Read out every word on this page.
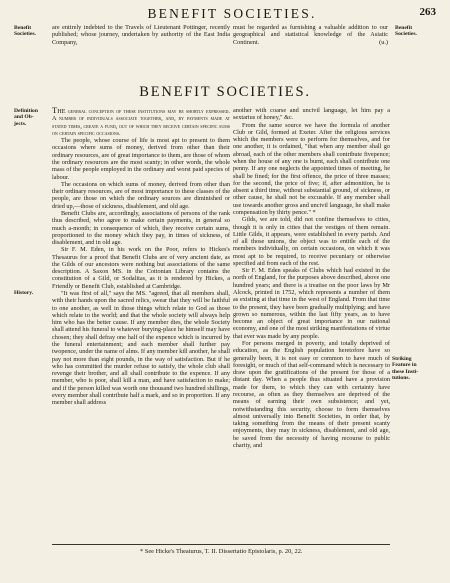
BENEFIT SOCIETIES.	263
Benefit
Societies.
Benefit
Societies.

are entirely indebted to the Travels of Lieutenant Pottinger, recently published; whose journey, undertaken by authority of the East India Company,

must be regarded as furnishing a valuable addition to our geographical and statistical knowledge of the Asiatic Continent.	(u.)

BENEFIT SOCIETIES.
Definition
and Ob-
jects.
History.
Striking
Feature in
these Insti-
tutions.

THE general conception of these institutions may be shortly expressed. A number of individuals associate together, and, by payments made at stated times, create a fund, out of which they receive certain specific sums on certain specific occasions.

The people, whose course of life is most apt to present to them occasions where sums of money, derived from other than their ordinary resources, are of great importance to them, are those of whom the ordinary resources are the most scanty; in other words, the whole mass of the people employed in the ordinary and worst paid species of labour.

The occasions on which sums of money, derived from other than their ordinary resources, are of most importance to these classes of the people, are those on which the ordinary sources are diminished or dried up,—those of sickness, disablement, and old age.

Benefit Clubs are, accordingly, associations of persons of the rank thus described, who agree to make certain payments, in general so much a-month; in consequence of which, they receive certain sums, proportioned to the money which they pay, in times of sickness, of disablement, and in old age.

Sir F. M. Eden, in his work on the Poor, refers to Hickes's Thesaurus for a proof that Benefit Clubs are of very ancient date, as the Gilds of our ancestors were nothing but associations of the same description. A Saxon MS. in the Cottonian Library contains the constitution of a Gild, or Sodalitas, as it is rendered by Hickes, a Friendly or Benefit Club, established at Cambridge.

"It was first of all," says the MS. "agreed, that all members shall, with their hands upon the sacred relics, swear that they will be faithful to one another, as well in those things which relate to God as those which relate to the world; and that the whole society will always help him who has the better cause. If any member dies, the whole Society shall attend his funeral to whatever burying-place he himself may have chosen; they shall defray one half of the expence which is incurred by the funeral entertainment; and each member shall further pay twopence, under the name of alms. If any member kill another, he shall pay not more than eight pounds, in the way of satisfaction. But if he who has committed the murder refuse to satisfy, the whole club shall revenge their brother, and all shall contribute to the expence. If any member, who is poor, shall kill a man, and have satisfaction to make; and if the person killed was worth one thousand two hundred shillings, every member shall contribute half a mark, and so in proportion. If any member shall address

another with coarse and uncivil language, let him pay a sextarius of honey," &c.

From the same source we have the formula of another Club or Gild, formed at Exeter. After the religious services which the members were to perform for themselves, and for one another, it is ordained, "that when any member shall go abroad, each of the other members shall contribute fivepence; when the house of any one is burnt, each shall contribute one penny. If any one neglects the appointed times of meeting, he shall be fined; for the first offence, the price of three masses; for the second, the price of five; if, after admonition, he is absent a third time, without substantial ground, of sickness, or other cause, he shall not be excusable. If any member shall use towards another gross and uncivil language, he shall make compensation by thirty pence." *

Gilds, we are told, did not confine themselves to cities, though it is only in cities that the vestiges of them remain. Little Gilds, it appears, were established in every parish. And of all those unions, the object was to entitle each of the members individually, on certain occasions, on which it was most apt to be required, to receive pecuniary or otherwise specified aid from each of the rest.

Sir F. M. Eden speaks of Clubs which had existed in the north of England, for the purposes above described, above one hundred years; and there is a treatise on the poor laws by Mr Alcock, printed in 1752, which represents a number of them as existing at that time in the west of England. From that time to the present, they have been gradually multiplying; and have grown so numerous, within the last fifty years, as to have become an object of great importance in our national economy, and one of the most striking manifestations of virtue that ever was made by any people.

For persons merged in poverty, and totally deprived of education, as the English population heretofore have so generally been, it is not easy or common to have much of foresight, or much of that self-command which is necessary to draw upon the gratifications of the present for those of a distant day. When a people thus situated have a provision made for them, to which they can with certainty have recourse, as often as they themselves are deprived of the means of earning their own subsistence; and yet, notwithstanding this security, choose to form themselves almost universally into Benefit Societies, in order that, by taking something from the means of their present scanty enjoyments, they may in sickness, disablement, and old age, be saved from the necessity of having recourse to public charity, and

* See Hicke's Theaturus, T. II. Dissertatio Epistolaris, p. 20, 22.
